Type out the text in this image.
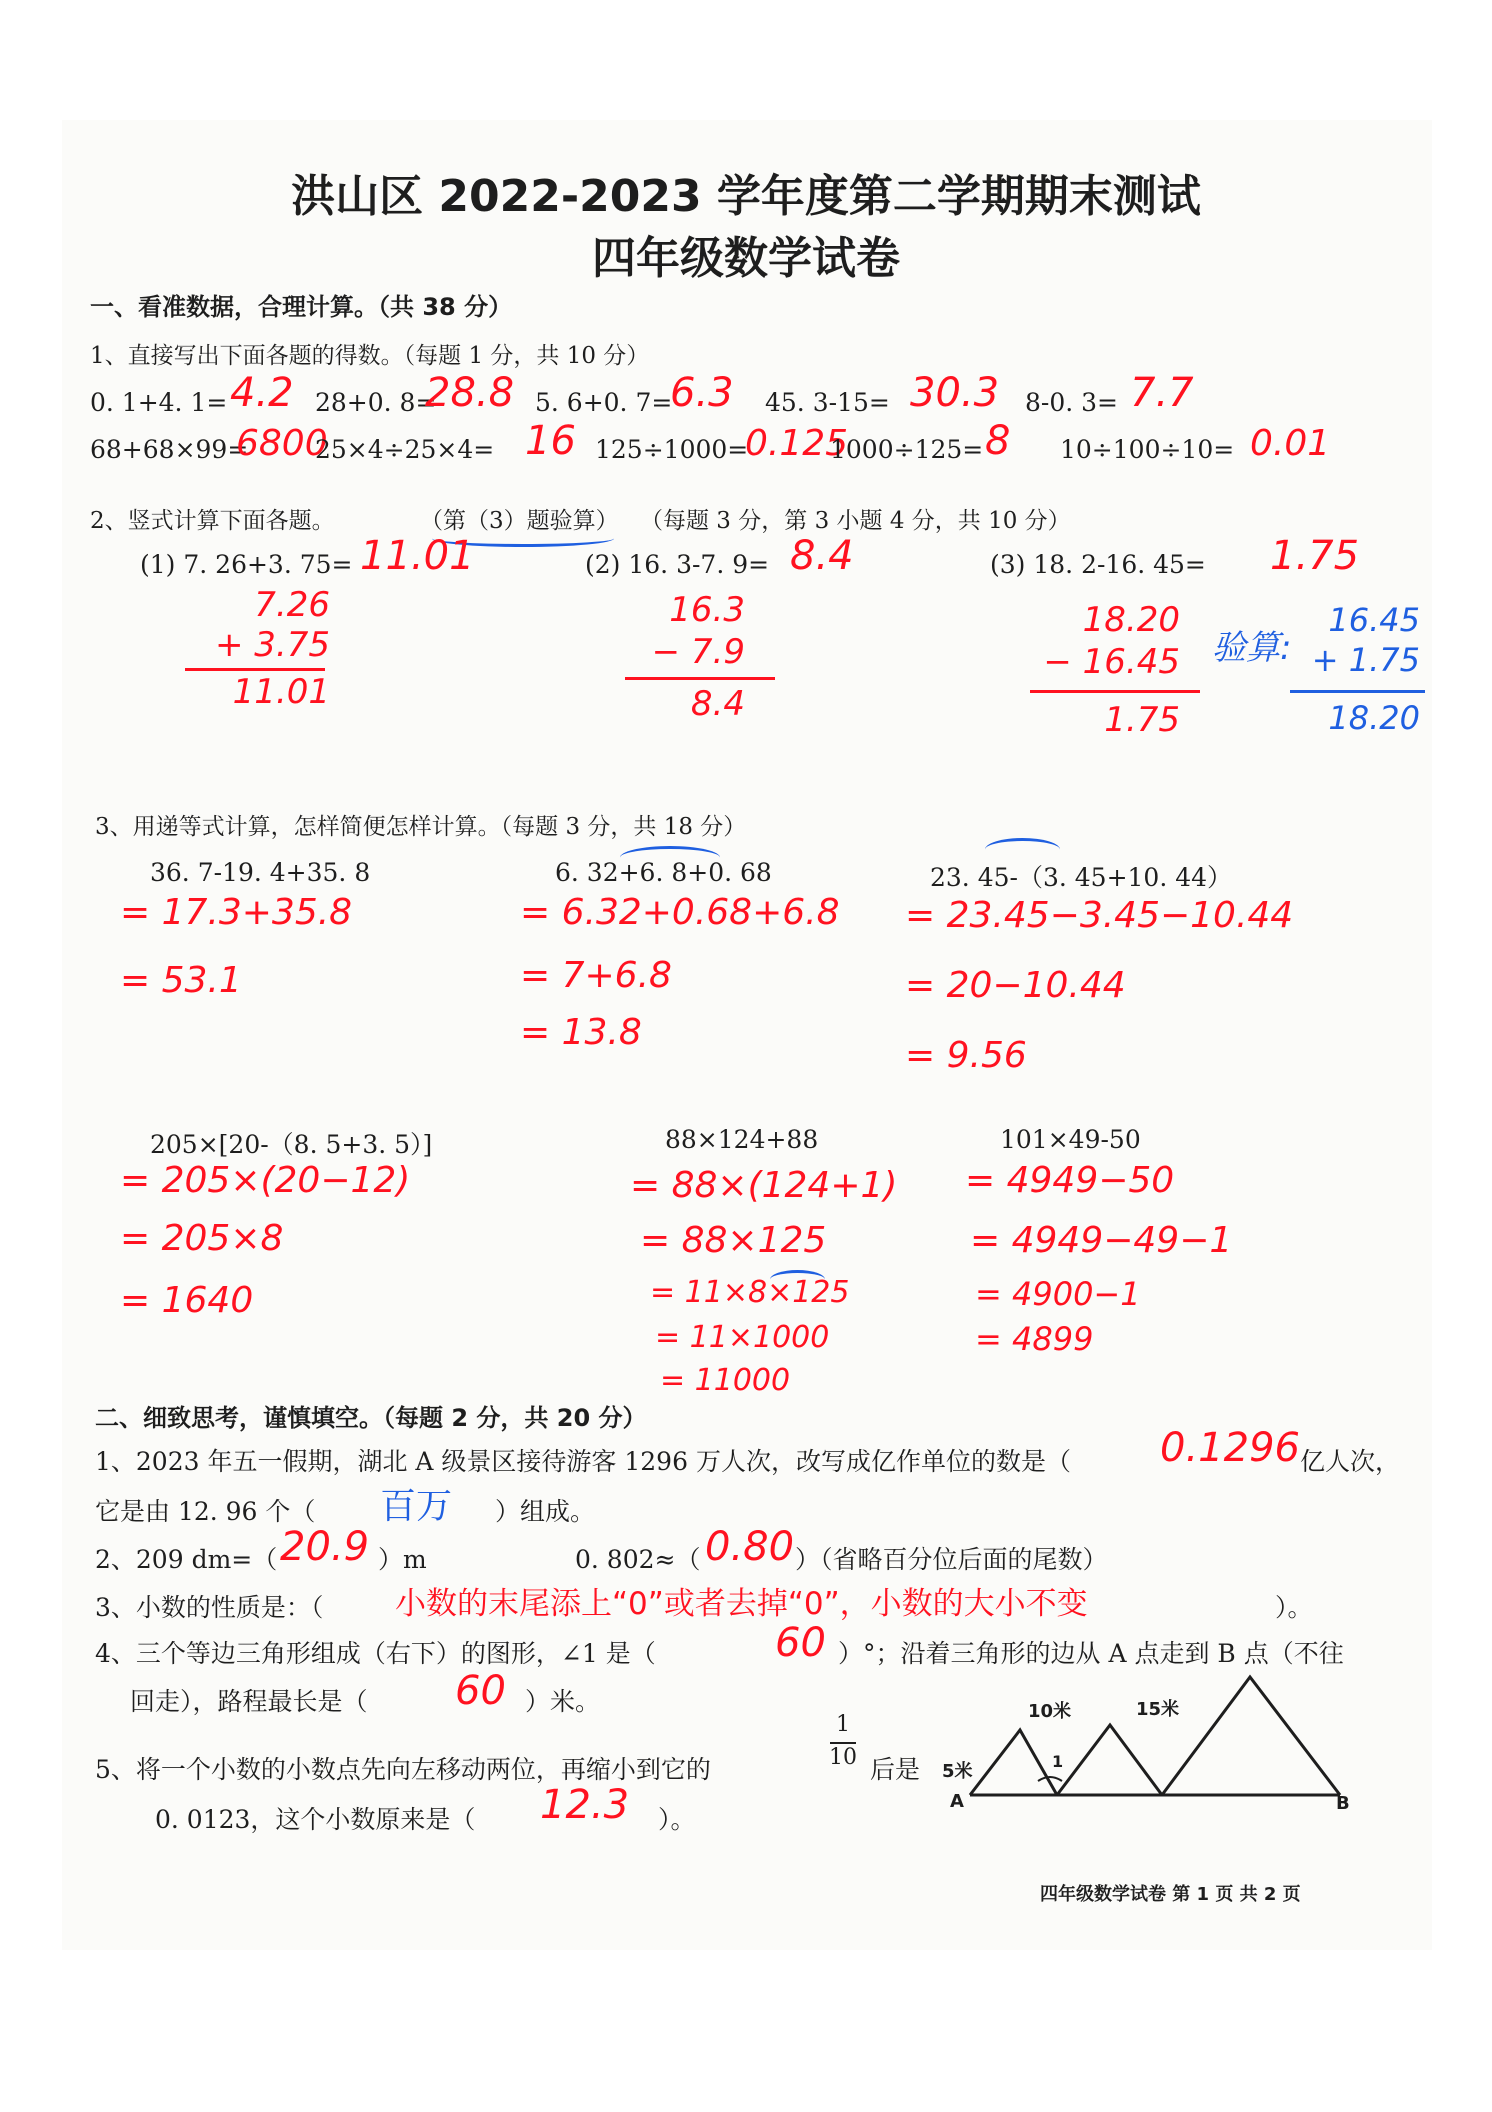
洪山区 2022-2023 学年度第二学期期末测试
四年级数学试卷
一、看准数据，合理计算。（共 38 分）
1、直接写出下面各题的得数。（每题 1 分，共 10 分）
0. 1+4. 1= 4.2 28+0. 8=
28.8 5. 6+0. 7=
6.3 45. 3-15= 30.3 8-0. 3= 7.7
68+68×99=
6800
25×4÷25×4= 16 125÷1000=
0.125
1000÷125= 8 10÷100÷10= 0.01
2、竖式计算下面各题。	（第（3）题验算） （每题 3 分，第 3 小题 4 分，共 10 分）
(1) 7. 26+3. 75= 11.01	(2) 16. 3-7. 9= 8.4	(3) 18. 2-16. 45= 1.75
7.26
+ 3.75
11.01
16.3
− 7.9
8.4
18.20
− 16.45
1.75
验算:
16.45
+ 1.75
18.20
3、用递等式计算，怎样简便怎样计算。（每题 3 分，共 18 分）
36. 7-19. 4+35. 8
= 17.3+35.8
= 53.1
6. 32+6. 8+0. 68
= 6.32+0.68+6.8
= 7+6.8
= 13.8
23. 45-（3. 45+10. 44）
= 23.45−3.45−10.44
= 20−10.44
= 9.56
205×[20-（8. 5+3. 5）]
= 205×(20−12)
= 205×8
= 1640
88×124+88
= 88×(124+1)
= 88×125
= 11×8×125
= 11×1000
= 11000
101×49-50
= 4949−50
= 4949−49−1
= 4900−1
= 4899
二、细致思考，谨慎填空。（每题 2 分，共 20 分）
1、2023 年五一假期，湖北 A 级景区接待游客 1296 万人次，改写成亿作单位的数是（ 0.1296 亿人次，
它是由 12. 96 个（ 百万 ）组成。
2、209 dm=（ 20.9 ）m	0. 802≈（ 0.80 ）（省略百分位后面的尾数）
3、小数的性质是：（ 小数的末尾添上“0”或者去掉“0”，小数的大小不变	）。
4、三个等边三角形组成（右下）的图形，∠1 是（	60 ）°；沿着三角形的边从 A 点走到 B 点（不往
回走），路程最长是（ 60 ）米。
5、将一个小数的小数点先向左移动两位，再缩小到它的
1
10 后是
0. 0123，这个小数原来是（ 12.3 ）。
5米
10米	15米
1
A	B
四年级数学试卷 第 1 页 共 2 页
